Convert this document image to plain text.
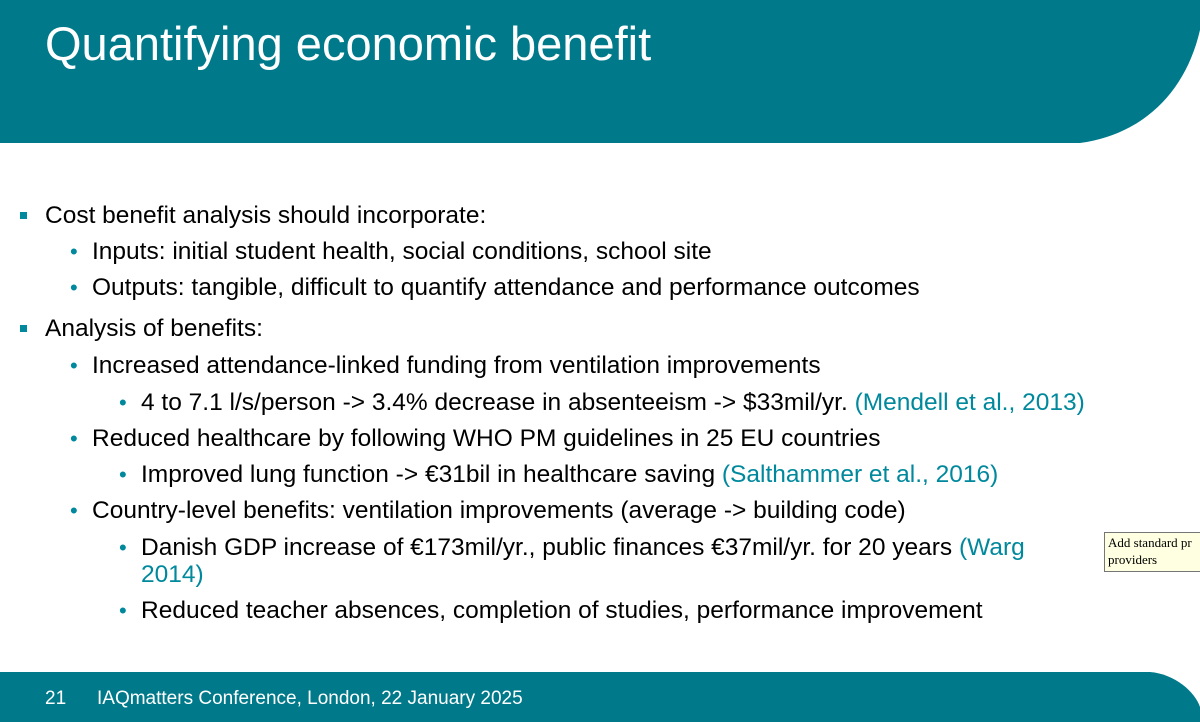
Quantifying economic benefit
Cost benefit analysis should incorporate:
• Inputs: initial student health, social conditions, school site
• Outputs: tangible, difficult to quantify attendance and performance outcomes
Analysis of benefits:
• Increased attendance-linked funding from ventilation improvements
• 4 to 7.1 l/s/person -> 3.4% decrease in absenteeism -> $33mil/yr. (Mendell et al., 2013)
• Reduced healthcare by following WHO PM guidelines in 25 EU countries
• Improved lung function -> €31bil in healthcare saving (Salthammer et al., 2016)
• Country-level benefits: ventilation improvements (average -> building code)
• Danish GDP increase of €173mil/yr., public finances €37mil/yr. for 20 years (Warg
2014)
• Reduced teacher absences, completion of studies, performance improvement
Add standard pr
providers
21 IAQmatters Conference, London, 22 January 2025
